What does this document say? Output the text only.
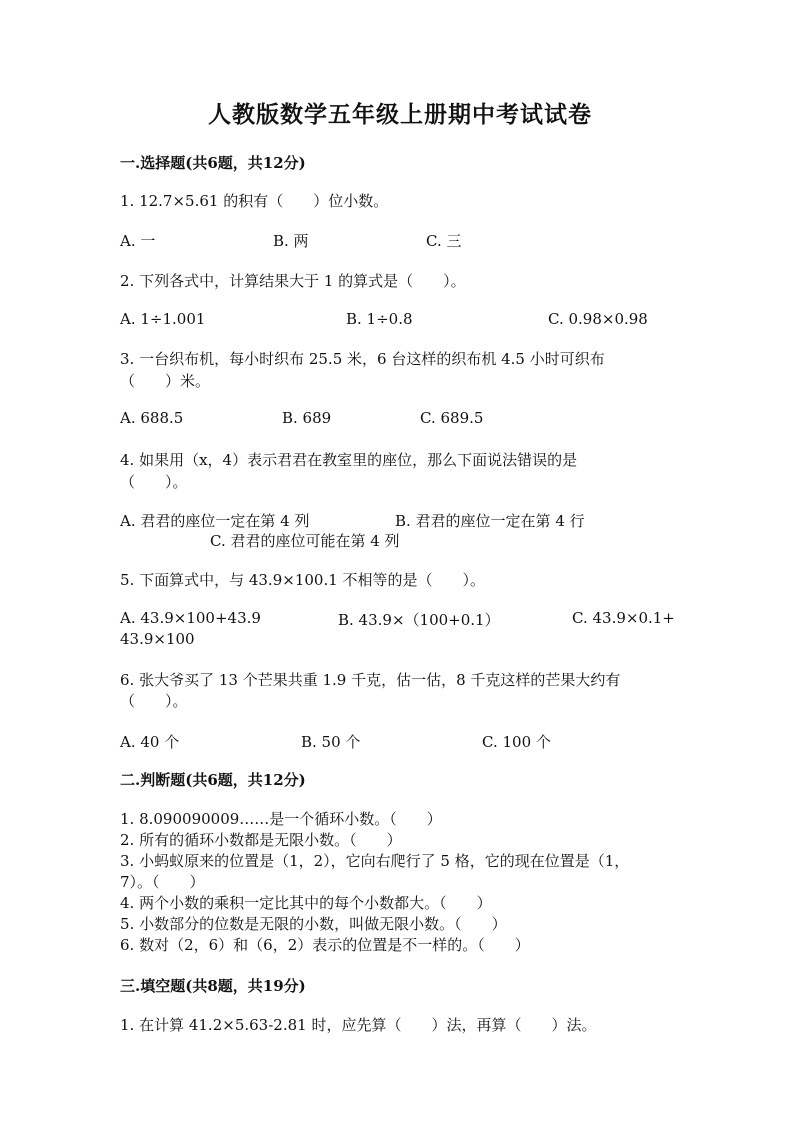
人教版数学五年级上册期中考试试卷
一.选择题(共6题，共12分)
1. 12.7×5.61 的积有（　　）位小数。
A. 一	B. 两	C. 三
2. 下列各式中，计算结果大于 1 的算式是（　　）。
A. 1÷1.001	B. 1÷0.8	C. 0.98×0.98
3. 一台织布机，每小时织布 25.5 米，6 台这样的织布机 4.5 小时可织布
（　　）米。
A. 688.5	B. 689	C. 689.5
4. 如果用（x，4）表示君君在教室里的座位，那么下面说法错误的是
（　　）。
A. 君君的座位一定在第 4 列	B. 君君的座位一定在第 4 行
C. 君君的座位可能在第 4 列
5. 下面算式中，与 43.9×100.1 不相等的是（　　）。
A. 43.9×100+43.9	B. 43.9×（100+0.1）	C. 43.9×0.1+
43.9×100
6. 张大爷买了 13 个芒果共重 1.9 千克，估一估，8 千克这样的芒果大约有
（　　）。
A. 40 个	B. 50 个	C. 100 个
二.判断题(共6题，共12分)
1. 8.090090009……是一个循环小数。（　　）
2. 所有的循环小数都是无限小数。（　　）
3. 小蚂蚁原来的位置是（1，2），它向右爬行了 5 格，它的现在位置是（1，
7）。（　　）
4. 两个小数的乘积一定比其中的每个小数都大。（　　）
5. 小数部分的位数是无限的小数，叫做无限小数。（　　）
6. 数对（2，6）和（6，2）表示的位置是不一样的。（　　）
三.填空题(共8题，共19分)
1. 在计算 41.2×5.63-2.81 时，应先算（　　）法，再算（　　）法。
